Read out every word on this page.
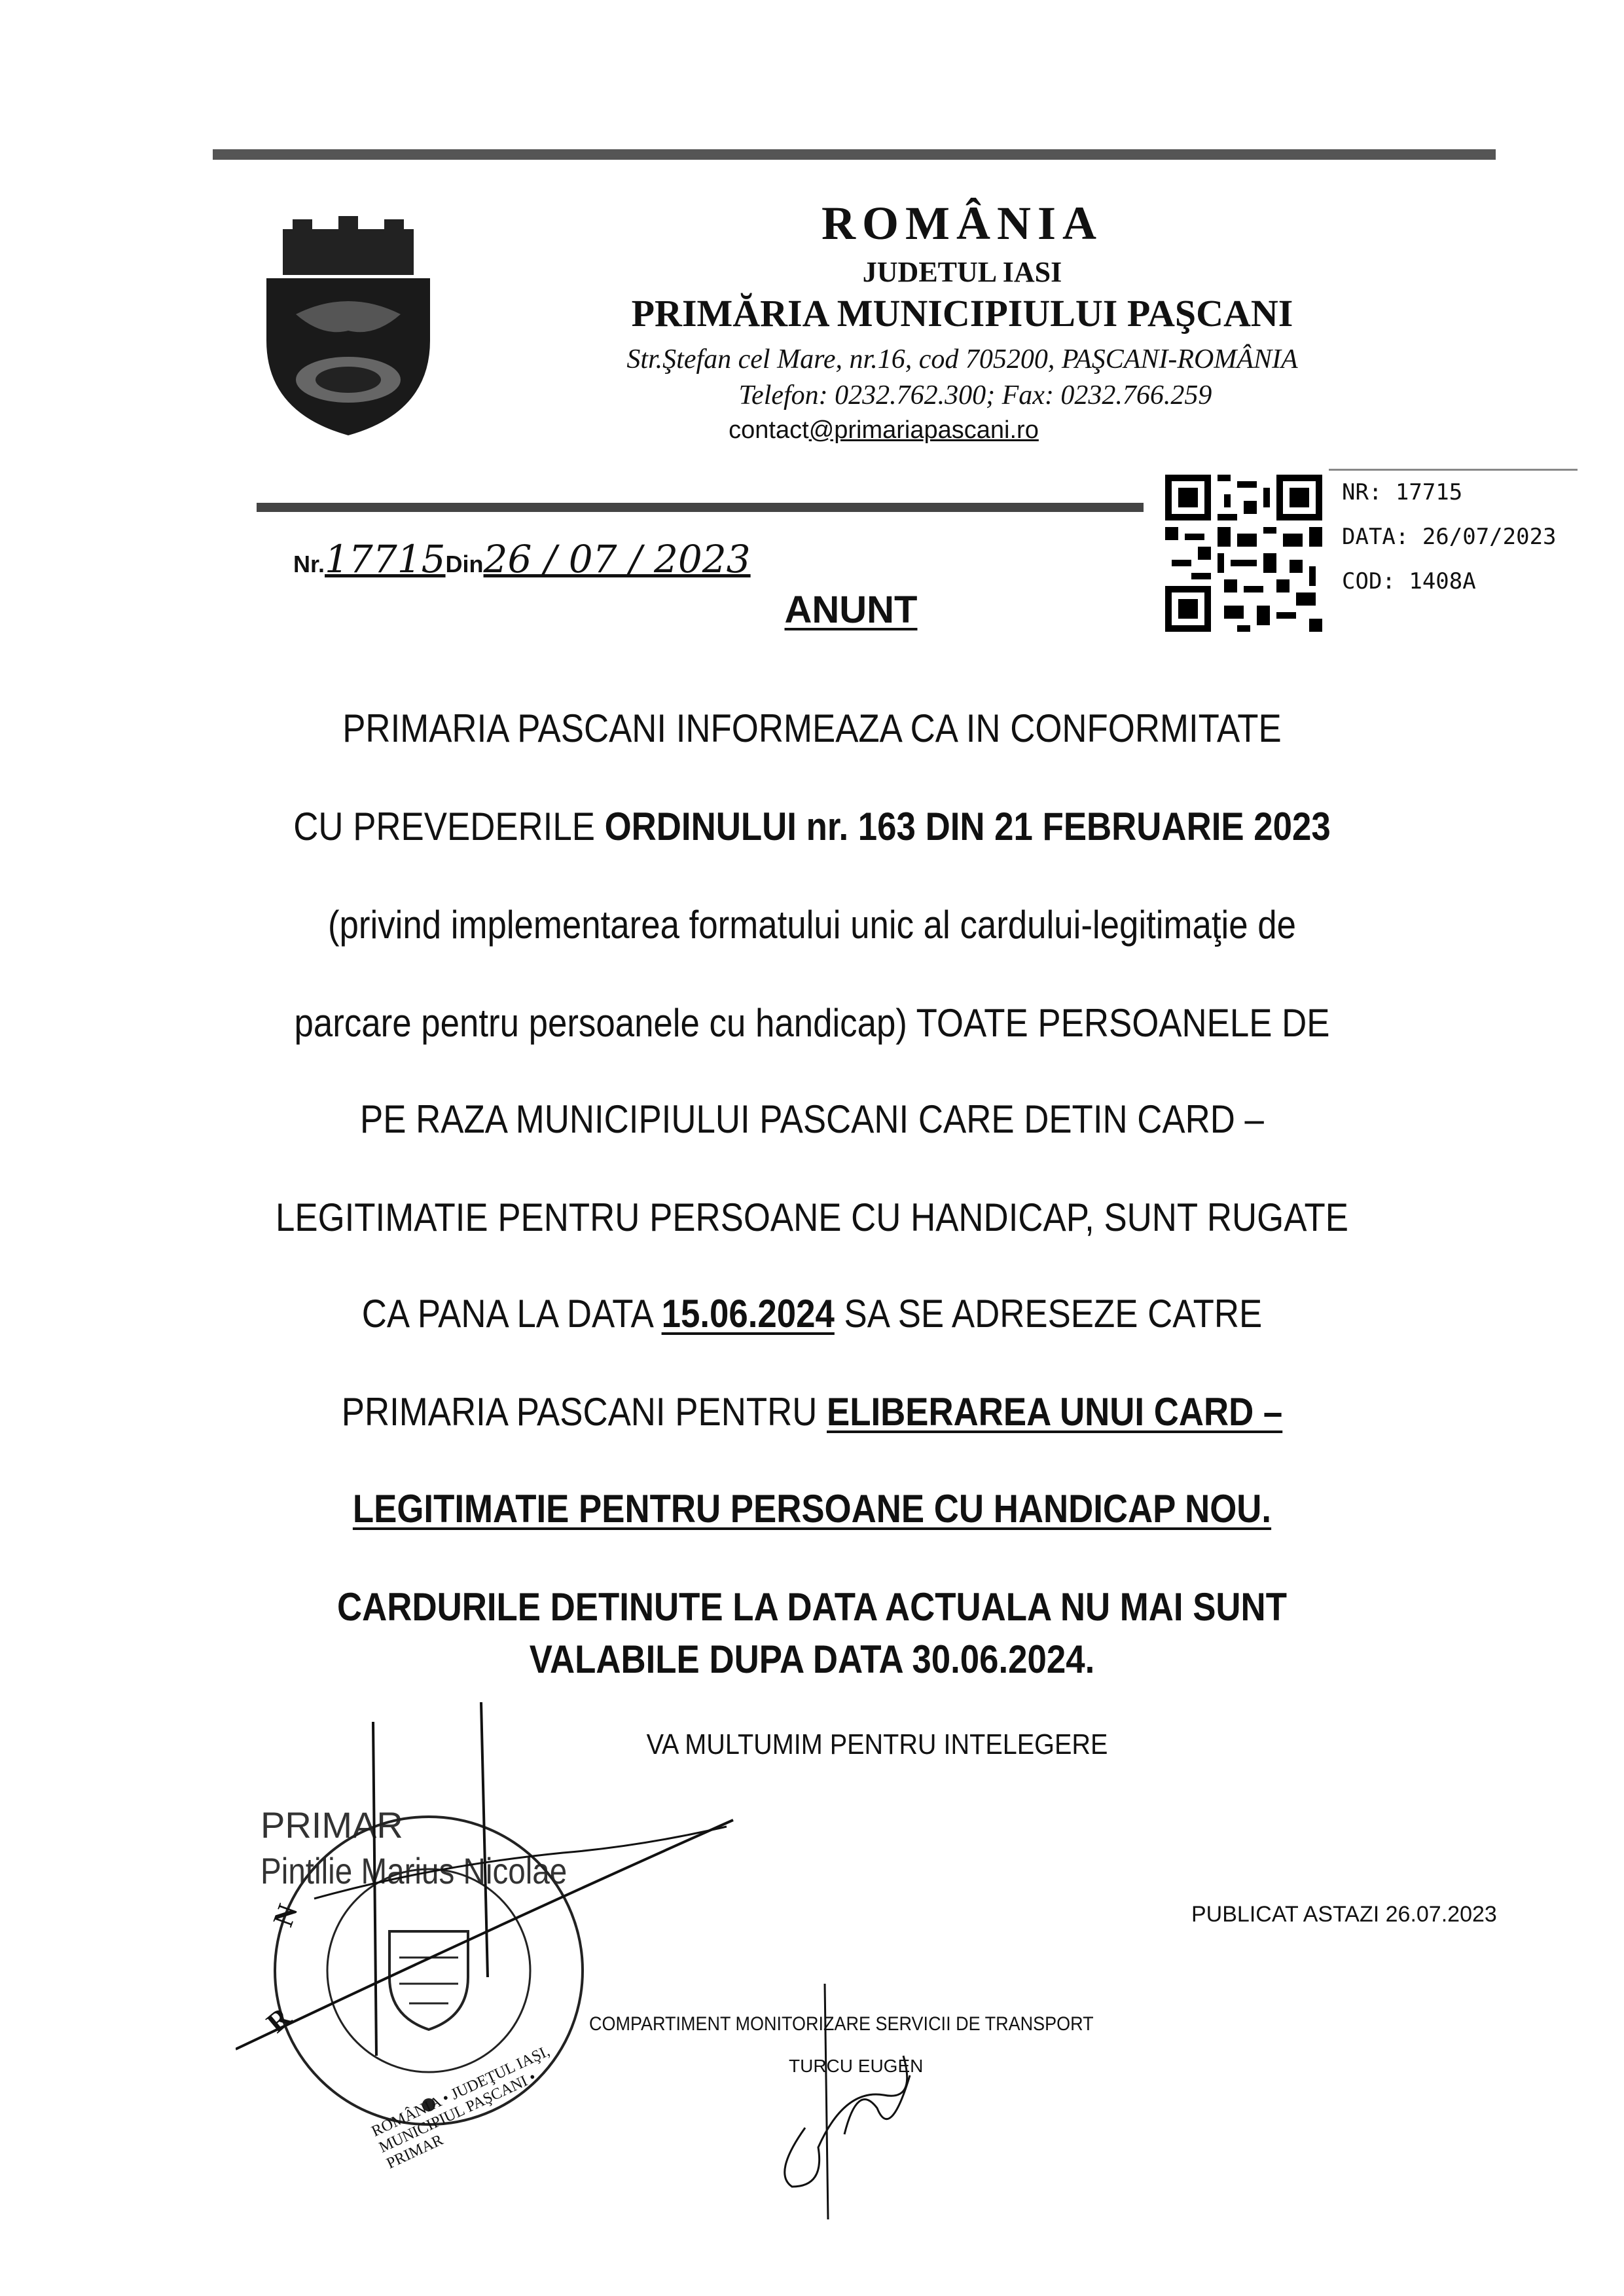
ROMÂNIA
JUDETUL IASI
PRIMĂRIA MUNICIPIULUI PAŞCANI
Str.Ştefan cel Mare, nr.16, cod 705200, PAŞCANI-ROMÂNIA
Telefon: 0232.762.300; Fax: 0232.766.259
contact@primariapascani.ro
Nr.17715Din26 / 07 / 2023
NR: 17715
DATA: 26/07/2023
COD: 1408A
ANUNT
PRIMARIA PASCANI INFORMEAZA CA IN CONFORMITATE
CU PREVEDERILE ORDINULUI nr. 163 DIN 21 FEBRUARIE 2023
(privind implementarea formatului unic al cardului-legitimaţie de
parcare pentru persoanele cu handicap) TOATE PERSOANELE DE
PE RAZA MUNICIPIULUI PASCANI CARE DETIN CARD –
LEGITIMATIE PENTRU PERSOANE CU HANDICAP, SUNT RUGATE
CA PANA LA DATA 15.06.2024 SA SE ADRESEZE CATRE
PRIMARIA PASCANI PENTRU ELIBERAREA UNUI CARD –
LEGITIMATIE PENTRU PERSOANE CU HANDICAP NOU.
CARDURILE DETINUTE LA DATA ACTUALA NU MAI SUNT
VALABILE DUPA DATA 30.06.2024.
VA MULTUMIM PENTRU INTELEGERE
PRIMAR
Pintilie Marius Nicolae
R
N
ROMÂNIA • JUDEŢUL IAŞI, MUNICIPIUL PAŞCANI • PRIMAR
PUBLICAT ASTAZI 26.07.2023
COMPARTIMENT MONITORIZARE SERVICII DE TRANSPORT
TURCU EUGEN
